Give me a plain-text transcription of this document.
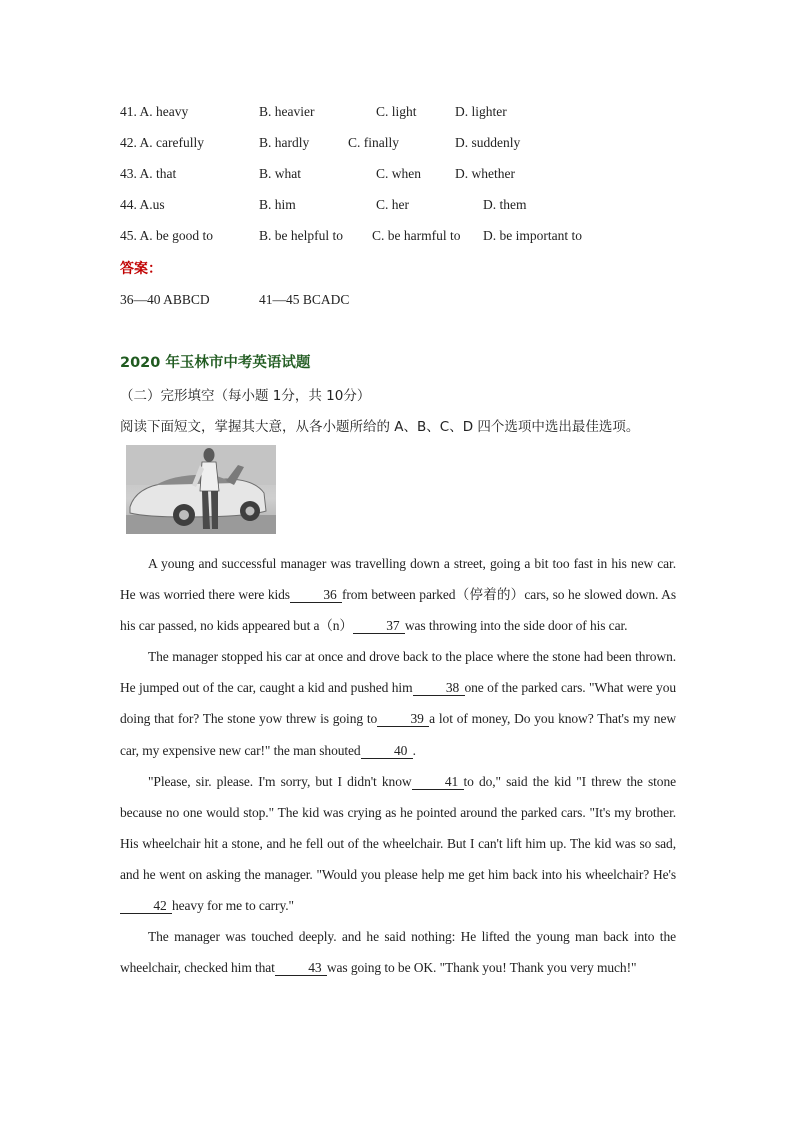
41. A. heavy	B. heavier	C. light	D. lighter
42. A. carefully	B. hardly	C. finally	D. suddenly
43. A. that	B. what	C. when	D. whether
44. A.us	B. him	C. her	D. them
45. A. be good to	B. be helpful to C. be harmful to D. be important to
答案：
36—40 ABBCD	41—45 BCADC
2020 年玉林市中考英语试题
（二）完形填空（每小题 1分，共 10分）
阅读下面短文，掌握其大意，从各小题所给的 A、B、C、D 四个选项中选出最佳选项。

A young and successful manager was travelling down a street, going a bit too fast in his new car. He was worried there were kids 36 from between parked（停着的）cars, so he slowed down. As his car passed, no kids appeared but a（n） 37 was throwing into the side door of his car.

The manager stopped his car at once and drove back to the place where the stone had been thrown. He jumped out of the car, caught a kid and pushed him 38 one of the parked cars. "What were you doing that for? The stone yow threw is going to 39 a lot of money, Do you know? That's my new car, my expensive new car!" the man shouted 40 .

"Please, sir. please. I'm sorry, but I didn't know 41 to do," said the kid "I threw the stone because no one would stop." The kid was crying as he pointed around the parked cars. "It's my brother. His wheelchair hit a stone, and he fell out of the wheelchair. But I can't lift him up. The kid was so sad, and he went on asking the manager. "Would you please help me get him back into his wheelchair? He's42 heavy for me to carry."

The manager was touched deeply. and he said nothing: He lifted the young man back into the wheelchair, checked him that 43 was going to be OK. "Thank you! Thank you very much!"
